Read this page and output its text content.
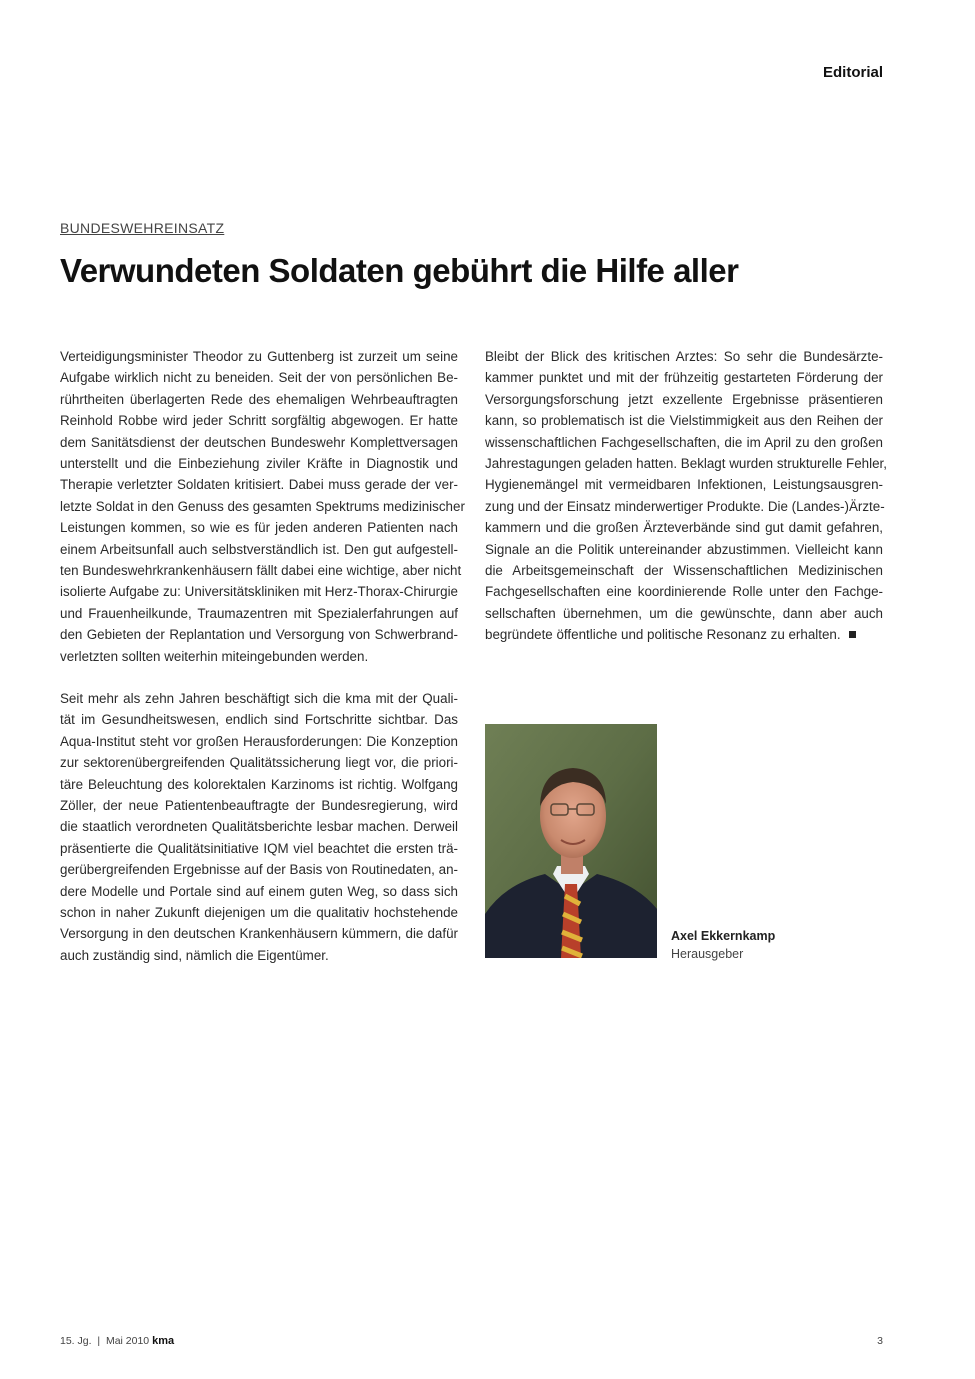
Editorial
BUNDESWEHREINSATZ
Verwundeten Soldaten gebührt die Hilfe aller
Verteidigungsminister Theodor zu Guttenberg ist zurzeit um seine
Aufgabe wirklich nicht zu beneiden. Seit der von persönlichen Be-
rührtheiten überlagerten Rede des ehemaligen Wehrbeauftragten
Reinhold Robbe wird jeder Schritt sorgfältig abgewogen. Er hatte
dem Sanitätsdienst der deutschen Bundeswehr Komplettversagen
unterstellt und die Einbeziehung ziviler Kräfte in Diagnostik und
Therapie verletzter Soldaten kritisiert. Dabei muss gerade der ver-
letzte Soldat in den Genuss des gesamten Spektrums medizinischer
Leistungen kommen, so wie es für jeden anderen Patienten nach
einem Arbeitsunfall auch selbstverständlich ist. Den gut aufgestell-
ten Bundeswehrkrankenhäusern fällt dabei eine wichtige, aber nicht
isolierte Aufgabe zu: Universitätskliniken mit Herz-Thorax-Chirurgie
und Frauenheilkunde, Traumazentren mit Spezialerfahrungen auf
den Gebieten der Replantation und Versorgung von Schwerbrand-
verletzten sollten weiterhin miteingebunden werden.
Seit mehr als zehn Jahren beschäftigt sich die kma mit der Quali-
tät im Gesundheitswesen, endlich sind Fortschritte sichtbar. Das
Aqua-Institut steht vor großen Herausforderungen: Die Konzeption
zur sektorenübergreifenden Qualitätssicherung liegt vor, die priori-
täre Beleuchtung des kolorektalen Karzinoms ist richtig. Wolfgang
Zöller, der neue Patientenbeauftragte der Bundesregierung, wird
die staatlich verordneten Qualitätsberichte lesbar machen. Derweil
präsentierte die Qualitätsinitiative IQM viel beachtet die ersten trä-
gerübergreifenden Ergebnisse auf der Basis von Routinedaten, an-
dere Modelle und Portale sind auf einem guten Weg, so dass sich
schon in naher Zukunft diejenigen um die qualitativ hochstehende
Versorgung in den deutschen Krankenhäusern kümmern, die dafür
auch zuständig sind, nämlich die Eigentümer.
Bleibt der Blick des kritischen Arztes: So sehr die Bundesärzte-
kammer punktet und mit der frühzeitig gestarteten Förderung der
Versorgungsforschung jetzt exzellente Ergebnisse präsentieren
kann, so problematisch ist die Vielstimmigkeit aus den Reihen der
wissenschaftlichen Fachgesellschaften, die im April zu den großen
Jahrestagungen geladen hatten. Beklagt wurden strukturelle Fehler,
Hygienemängel mit vermeidbaren Infektionen, Leistungsausgren-
zung und der Einsatz minderwertiger Produkte. Die (Landes-)Ärzte-
kammern und die großen Ärzteverbände sind gut damit gefahren,
Signale an die Politik untereinander abzustimmen. Vielleicht kann
die Arbeitsgemeinschaft der Wissenschaftlichen Medizinischen
Fachgesellschaften eine koordinierende Rolle unter den Fachge-
sellschaften übernehmen, um die gewünschte, dann aber auch
begründete öffentliche und politische Resonanz zu erhalten.
Axel Ekkernkamp
Herausgeber
15. Jg. | Mai 2010 kma	3
